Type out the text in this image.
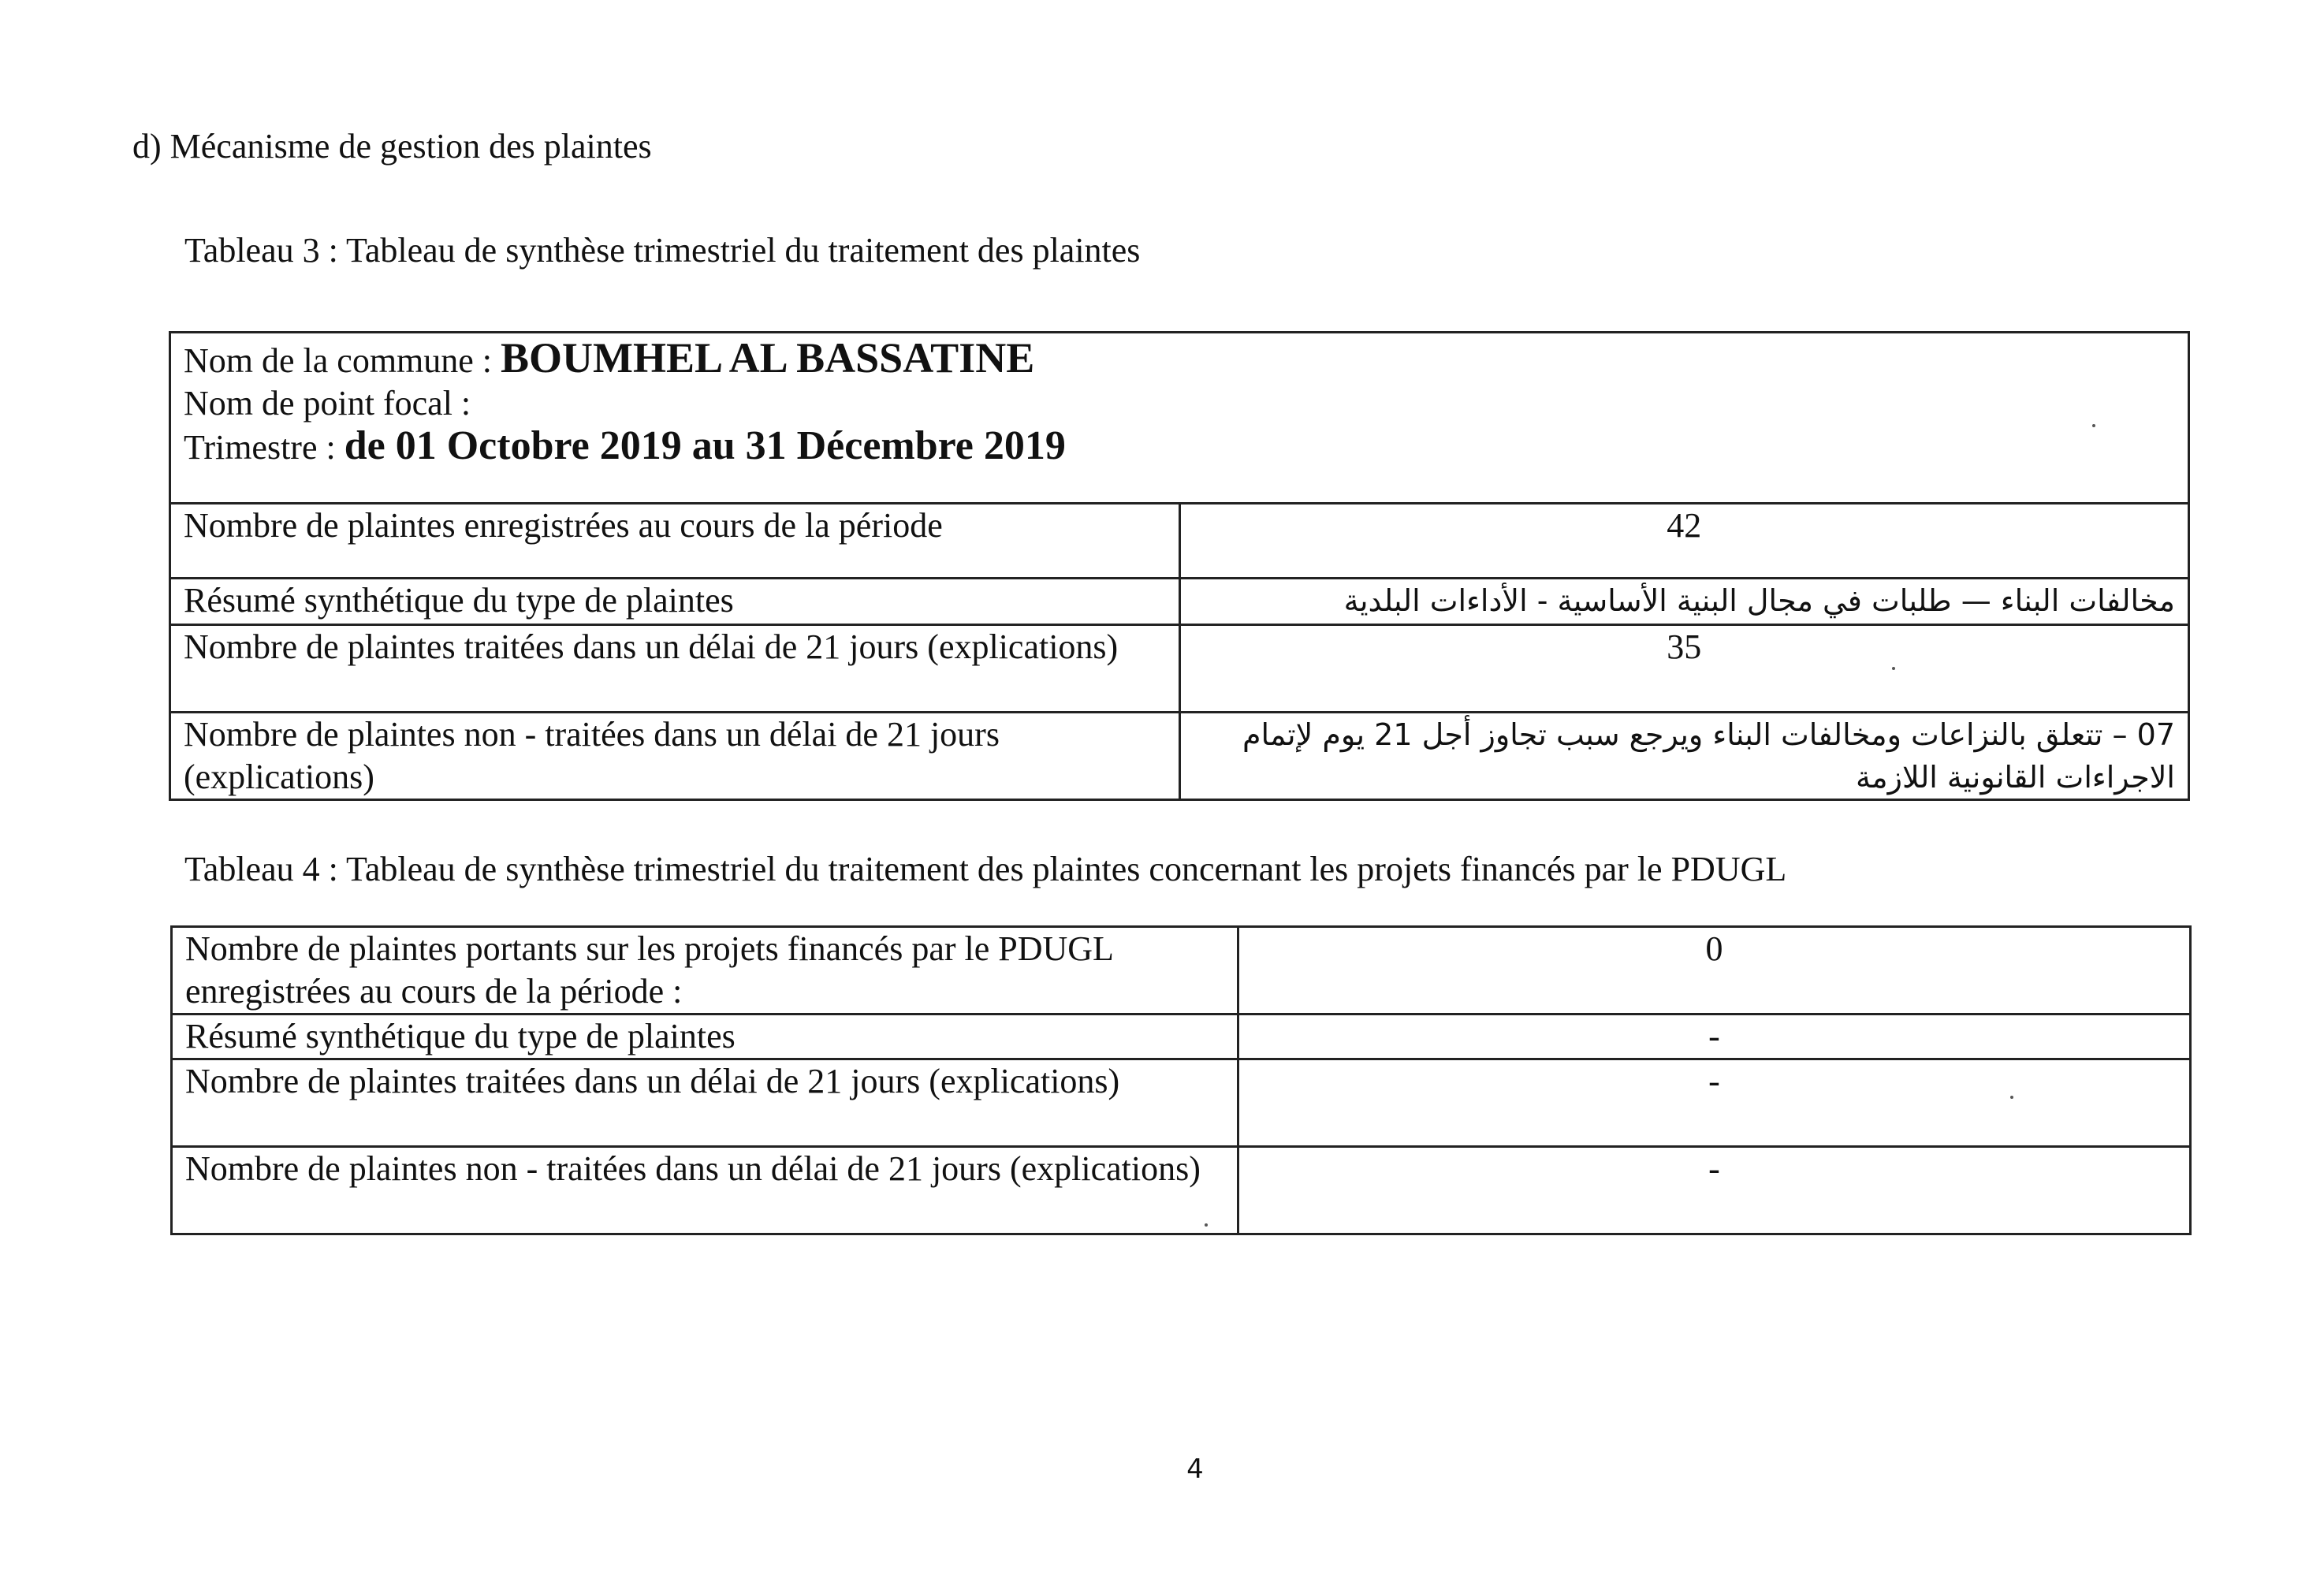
d) Mécanisme de gestion des plaintes
Tableau 3 : Tableau de synthèse trimestriel du traitement des plaintes
Nom de la commune : BOUMHEL AL BASSATINE
Nom de point focal :
Trimestre : de 01 Octobre 2019 au 31 Décembre 2019	

Nombre de plaintes enregistrées au cours de la période	42
Résumé synthétique du type de plaintes	مخالفات البناء — طلبات في مجال البنية الأساسية - الأداءات البلدية
Nombre de plaintes traitées dans un délai de 21 jours (explications)	35
Nombre de plaintes non - traitées dans un délai de 21 jours (explications)	07 – تتعلق بالنزاعات ومخالفات البناء ويرجع سبب تجاوز أجل 21 يوم لإتمام الاجراءات القانونية اللازمة
Tableau 4 : Tableau de synthèse trimestriel du traitement des plaintes concernant les projets financés par le PDUGL
Nombre de plaintes portants sur les projets financés par le PDUGL enregistrées au cours de la période :	0
Résumé synthétique du type de plaintes	-
Nombre de plaintes traitées dans un délai de 21 jours (explications)	-
Nombre de plaintes non - traitées dans un délai de 21 jours (explications)	-
4
